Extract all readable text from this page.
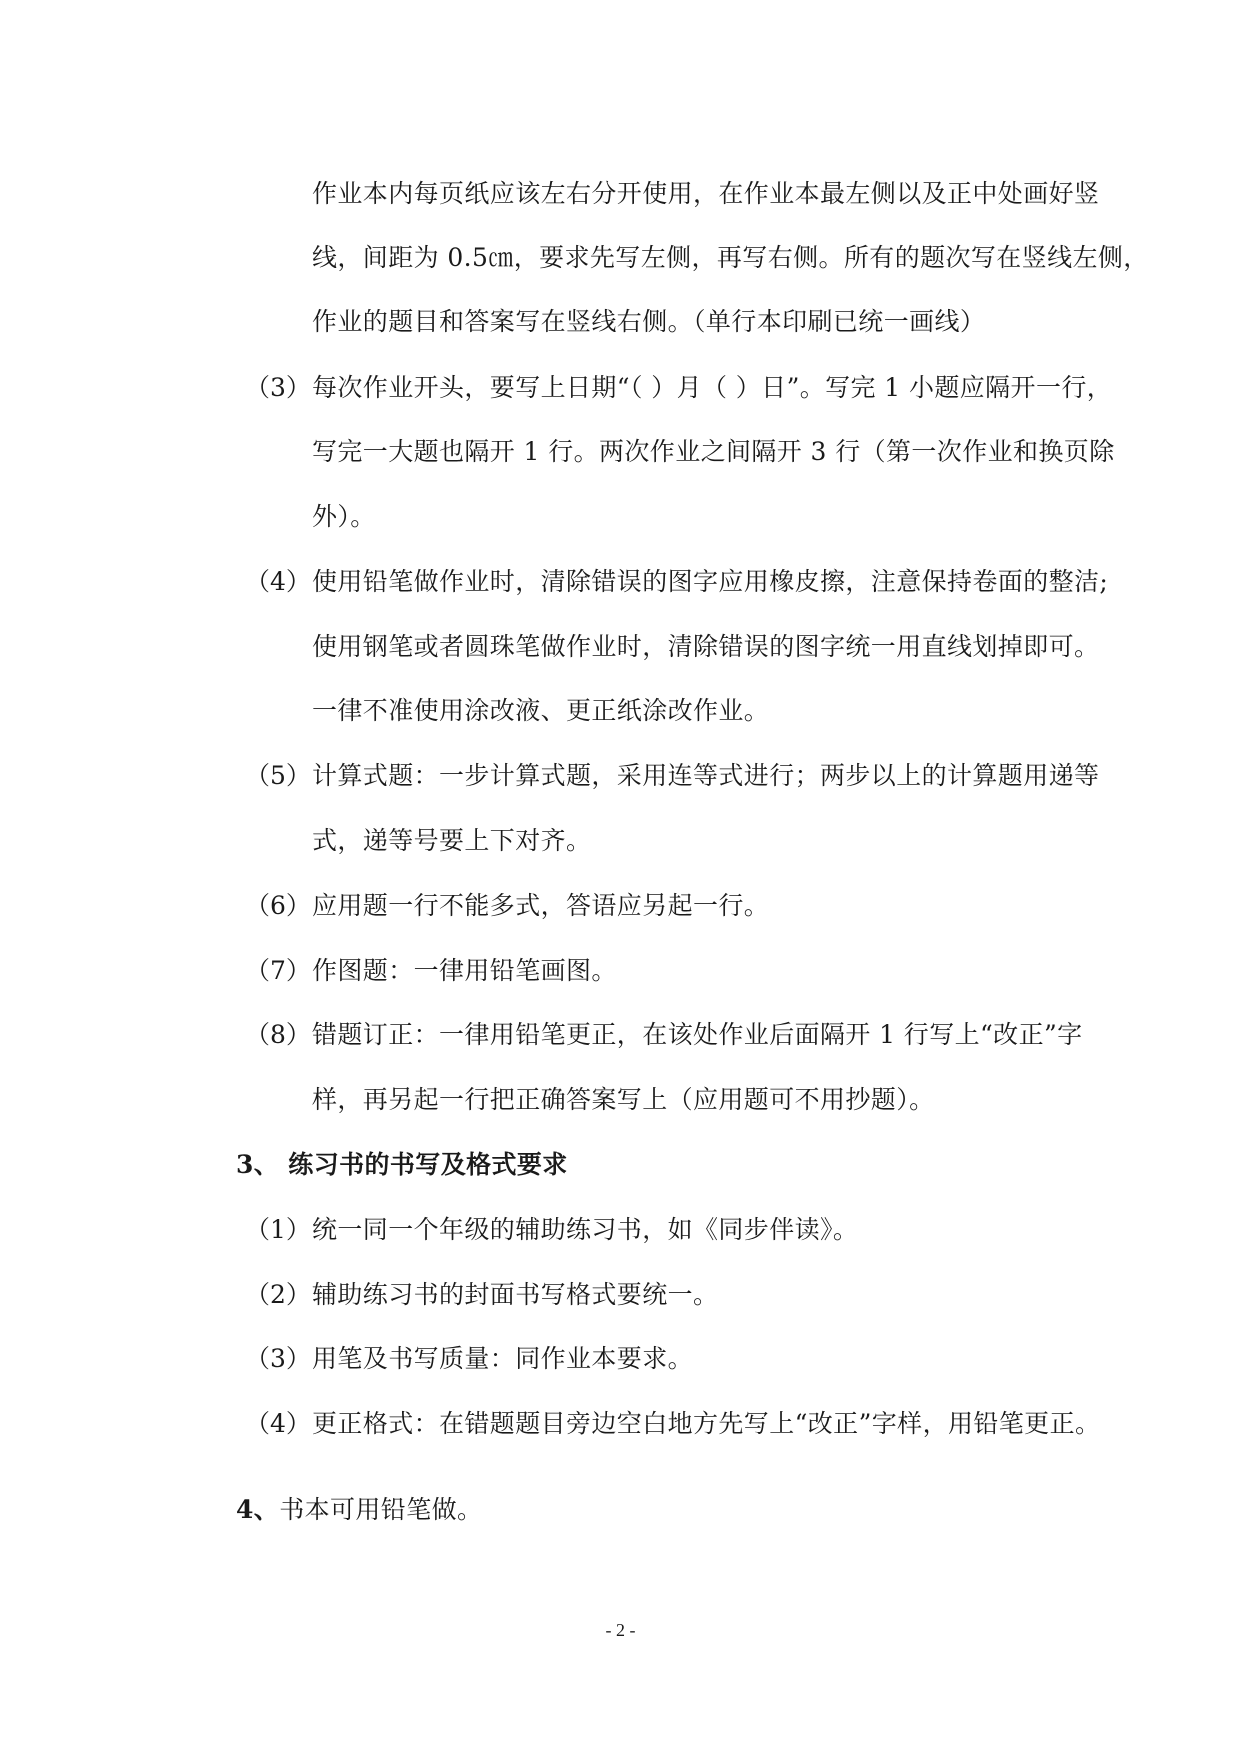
作业本内每页纸应该左右分开使用，在作业本最左侧以及正中处画好竖
线，间距为 0.5㎝，要求先写左侧，再写右侧。所有的题次写在竖线左侧，
作业的题目和答案写在竖线右侧。（单行本印刷已统一画线）
（3） 每次作业开头，要写上日期“（ ）月（ ）日”。写完 1 小题应隔开一行，
写完一大题也隔开 1 行。两次作业之间隔开 3 行（第一次作业和换页除
外）。
（4） 使用铅笔做作业时，清除错误的图字应用橡皮擦，注意保持卷面的整洁;
使用钢笔或者圆珠笔做作业时，清除错误的图字统一用直线划掉即可。
一律不准使用涂改液、更正纸涂改作业。
（5） 计算式题：一步计算式题，采用连等式进行；两步以上的计算题用递等
式，递等号要上下对齐。
（6） 应用题一行不能多式，答语应另起一行。
（7） 作图题：一律用铅笔画图。
（8） 错题订正：一律用铅笔更正，在该处作业后面隔开 1 行写上“改正”字
样，再另起一行把正确答案写上（应用题可不用抄题）。
3、 练习书的书写及格式要求
（1） 统一同一个年级的辅助练习书，如《同步伴读》。
（2） 辅助练习书的封面书写格式要统一。
（3） 用笔及书写质量：同作业本要求。
（4） 更正格式：在错题题目旁边空白地方先写上“改正”字样，用铅笔更正。
4、书本可用铅笔做。
- 2 -
